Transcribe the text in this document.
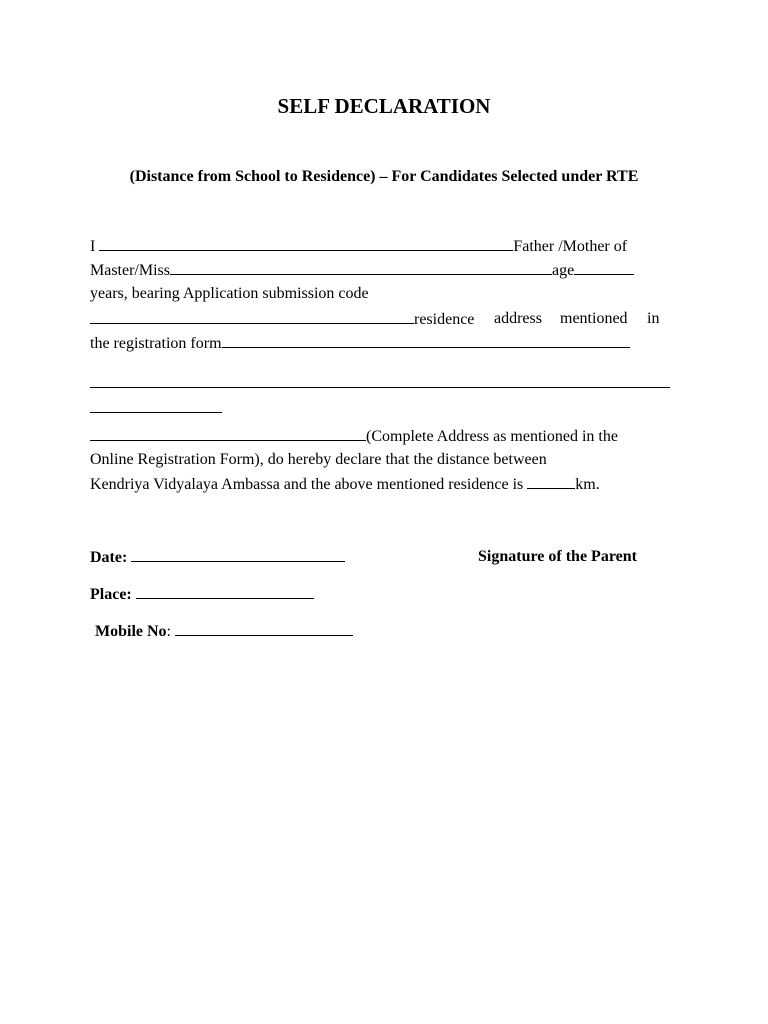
SELF DECLARATION
(Distance from School to Residence) – For Candidates Selected under RTE
I	Father /Mother of
Master/Miss	age
years, bearing Application submission code
residence address mentioned in
the registration form
(Complete Address as mentioned in the
Online Registration Form), do hereby declare that the distance between
Kendriya Vidyalaya Ambassa and the above mentioned residence is	km.
Date:	Signature of the Parent
Place:
Mobile No:
